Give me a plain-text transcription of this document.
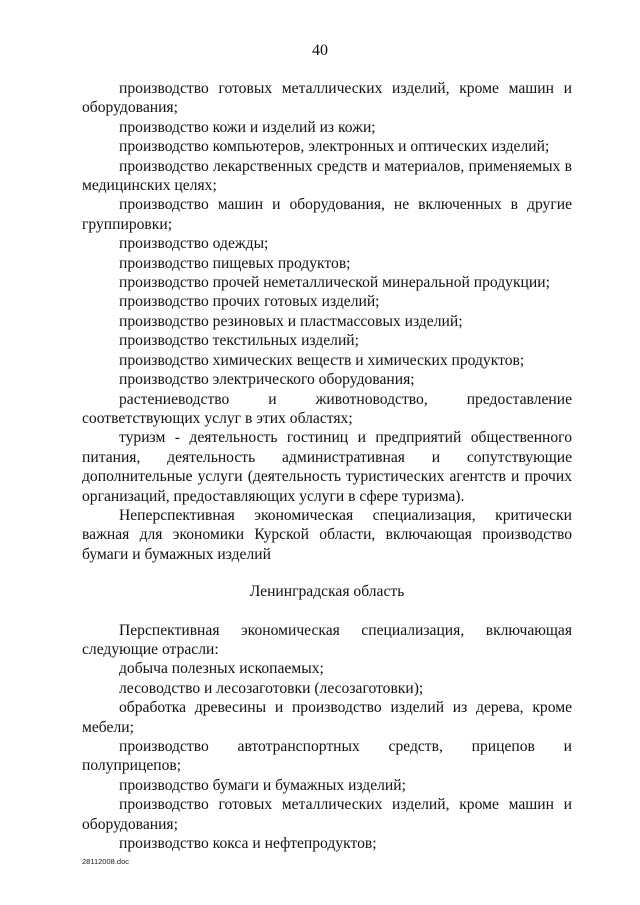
40

производство готовых металлических изделий, кроме машин и оборудования;

производство кожи и изделий из кожи;

производство компьютеров, электронных и оптических изделий;

производство лекарственных средств и материалов, применяемых в медицинских целях;

производство машин и оборудования, не включенных в другие группировки;

производство одежды;

производство пищевых продуктов;

производство прочей неметаллической минеральной продукции;

производство прочих готовых изделий;

производство резиновых и пластмассовых изделий;

производство текстильных изделий;

производство химических веществ и химических продуктов;

производство электрического оборудования;

растениеводство и животноводство, предоставление соответствующих услуг в этих областях;

туризм - деятельность гостиниц и предприятий общественного питания, деятельность административная и сопутствующие дополнительные услуги (деятельность туристических агентств и прочих организаций, предоставляющих услуги в сфере туризма).

Неперспективная экономическая специализация, критически важная для экономики Курской области, включающая производство бумаги и бумажных изделий

Ленинградская область

Перспективная экономическая специализация, включающая следующие отрасли:

добыча полезных ископаемых;

лесоводство и лесозаготовки (лесозаготовки);

обработка древесины и производство изделий из дерева, кроме мебели;

производство автотранспортных средств, прицепов и полуприцепов;

производство бумаги и бумажных изделий;

производство готовых металлических изделий, кроме машин и оборудования;

производство кокса и нефтепродуктов;

28112008.doc
